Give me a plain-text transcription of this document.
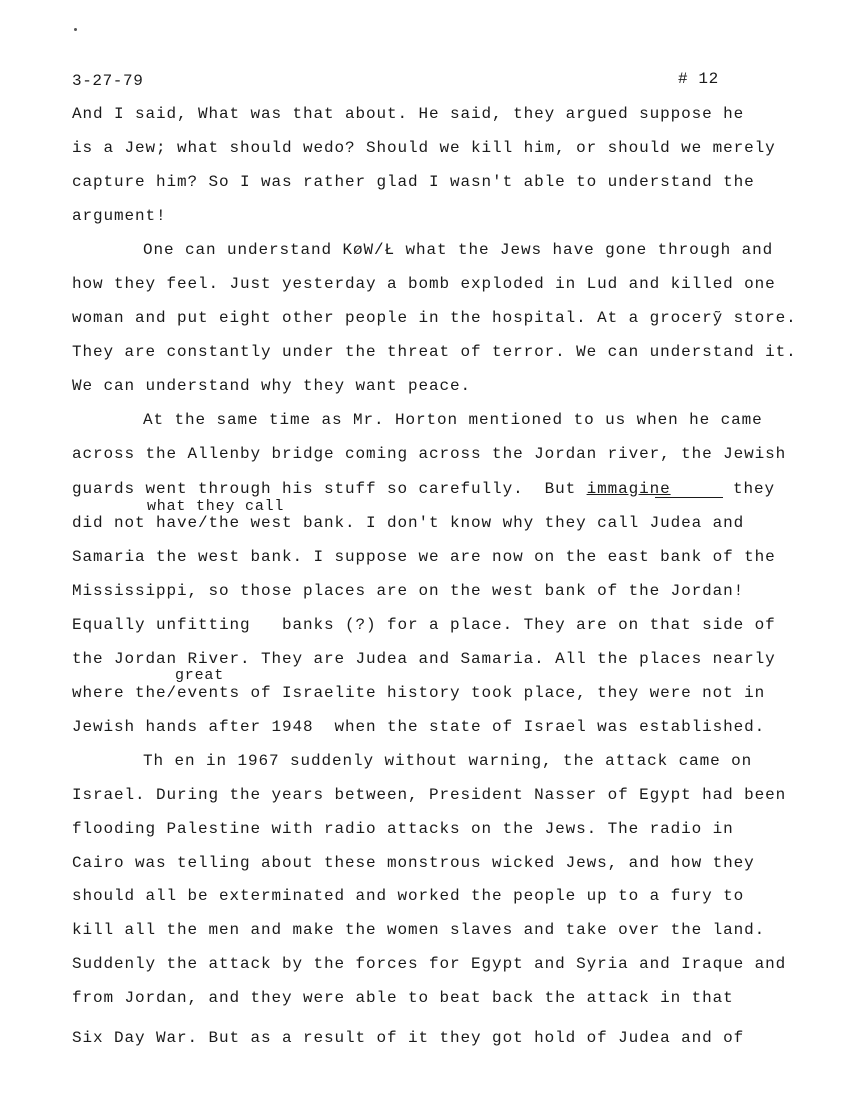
3-27-79	# 12
And I said, What was that about. He said, they argued suppose he
is a Jew; what should wedo? Should we kill him, or should we merely
capture him? So I was rather glad I wasn't able to understand the
argument!
One can understand KøW/Ł what the Jews have gone through and
how they feel. Just yesterday a bomb exploded in Lud and killed one
woman and put eight other people in the hospital. At a grocerỹ store.
They are constantly under the threat of terror. We can understand it.
We can understand why they want peace.
At the same time as Mr. Horton mentioned to us when he came
across the Allenby bridge coming across the Jordan river, the Jewish
guards went through his stuff so carefully.  But immagine	they
what they call
did not have/the west bank. I don't know why they call Judea and
Samaria the west bank. I suppose we are now on the east bank of the
Mississippi, so those places are on the west bank of the Jordan!
Equally unfitting   banks (?) for a place. They are on that side of
the Jordan River. They are Judea and Samaria. All the places nearly
great
where the/events of Israelite history took place, they were not in
Jewish hands after 1948  when the state of Israel was established.
Th en in 1967 suddenly without warning, the attack came on
Israel. During the years between, President Nasser of Egypt had been
flooding Palestine with radio attacks on the Jews. The radio in
Cairo was telling about these monstrous wicked Jews, and how they
should all be exterminated and worked the people up to a fury to
kill all the men and make the women slaves and take over the land.
Suddenly the attack by the forces for Egypt and Syria and Iraque and
from Jordan, and they were able to beat back the attack in that
Six Day War. But as a result of it they got hold of Judea and of
